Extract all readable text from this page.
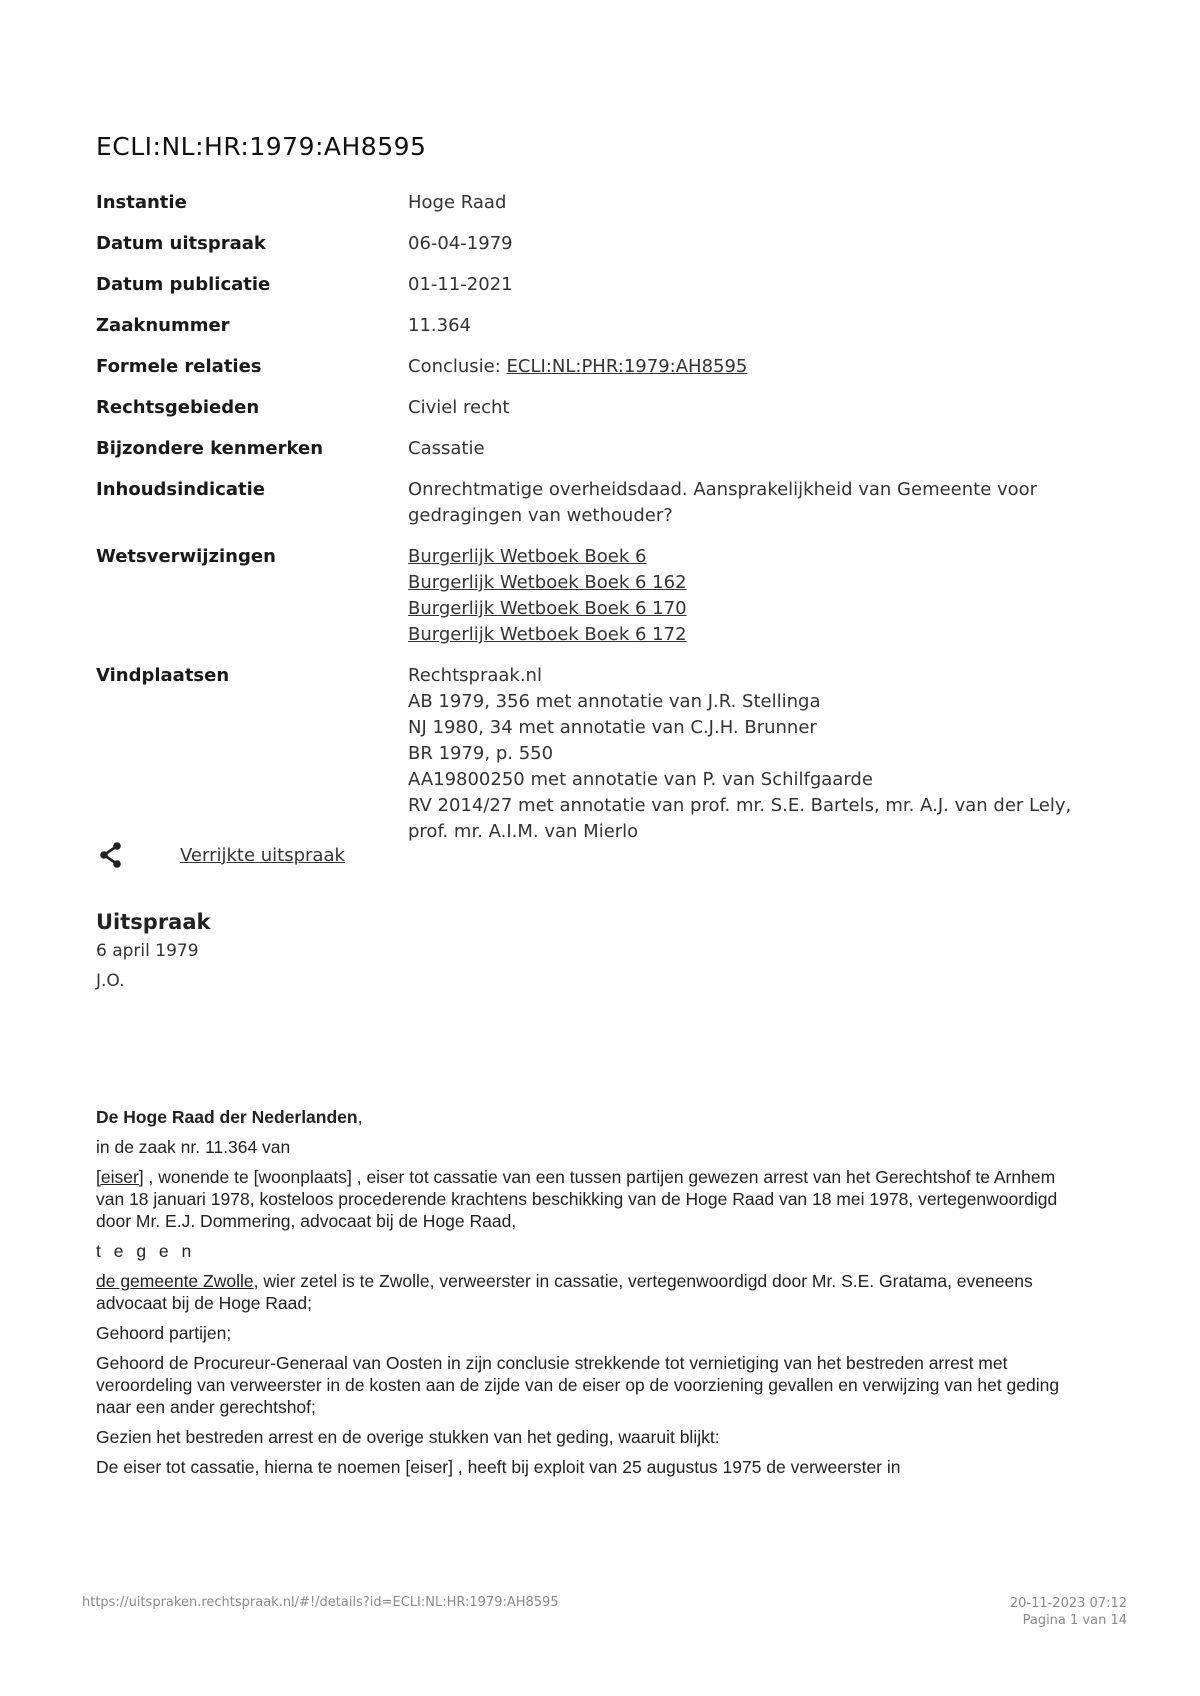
ECLI:NL:HR:1979:AH8595
Instantie	Hoge Raad
Datum uitspraak	06-04-1979
Datum publicatie	01-11-2021
Zaaknummer	11.364
Formele relaties	Conclusie: ECLI:NL:PHR:1979:AH8595
Rechtsgebieden	Civiel recht
Bijzondere kenmerken	Cassatie
Inhoudsindicatie	Onrechtmatige overheidsdaad. Aansprakelijkheid van Gemeente voor gedragingen van wethouder?
Wetsverwijzingen	Burgerlijk Wetboek Boek 6
Burgerlijk Wetboek Boek 6 162
Burgerlijk Wetboek Boek 6 170
Burgerlijk Wetboek Boek 6 172
Vindplaatsen	Rechtspraak.nl
AB 1979, 356 met annotatie van J.R. Stellinga
NJ 1980, 34 met annotatie van C.J.H. Brunner
BR 1979, p. 550
AA19800250 met annotatie van P. van Schilfgaarde
RV 2014/27 met annotatie van prof. mr. S.E. Bartels, mr. A.J. van der Lely, prof. mr. A.I.M. van Mierlo
Verrijkte uitspraak
Uitspraak
6 april 1979
J.O.

De Hoge Raad der Nederlanden,

in de zaak nr. 11.364 van

[eiser] , wonende te [woonplaats] , eiser tot cassatie van een tussen partijen gewezen arrest van het Gerechtshof te Arnhem van 18 januari 1978, kosteloos procederende krachtens beschikking van de Hoge Raad van 18 mei 1978, vertegenwoordigd door Mr. E.J. Dommering, advocaat bij de Hoge Raad,

t e g e n

de gemeente Zwolle, wier zetel is te Zwolle, verweerster in cassatie, vertegenwoordigd door Mr. S.E. Gratama, eveneens advocaat bij de Hoge Raad;

Gehoord partijen;

Gehoord de Procureur-Generaal van Oosten in zijn conclusie strekkende tot vernietiging van het bestreden arrest met veroordeling van verweerster in de kosten aan de zijde van de eiser op de voorziening gevallen en verwijzing van het geding naar een ander gerechtshof;

Gezien het bestreden arrest en de overige stukken van het geding, waaruit blijkt:

De eiser tot cassatie, hierna te noemen [eiser] , heeft bij exploit van 25 augustus 1975 de verweerster in

https://uitspraken.rechtspraak.nl/#!/details?id=ECLI:NL:HR:1979:AH8595	20-11-2023 07:12
Pagina 1 van 14
